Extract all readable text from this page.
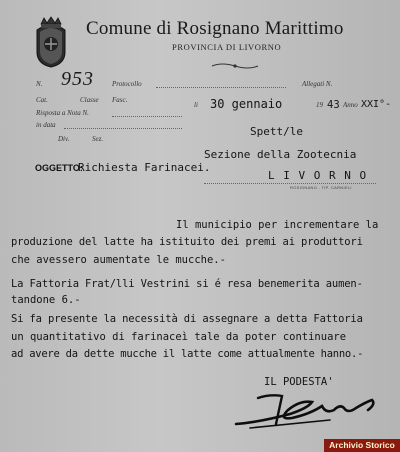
Comune di Rosignano Marittimo
PROVINCIA DI LIVORNO
N. 953	Protocollo	Allegati N.
Cat.	Classe Fasc.
Risposta a Nota N.
li 30 gennaio	19 43 Anno XXI°-
in data
Div.	Sez.
Spett/le
Sezione della Zootecnia
L I V O R N O
ROSIGNANO - TIP. CARNIELI
OGGETTO:
Richiesta Farinacei.
Il municipio per incrementare la
produzione del latte ha istituito dei premi ai produttori
che avessero aumentate le mucche.-
La Fattoria Frat/lli Vestrini si é resa benemerita aumen-
tandone 6.-
Si fa presente la necessità di assegnare a detta Fattoria
un quantitativo di farinaceì tale da poter continuare
ad avere da dette mucche il latte come attualmente hanno.-
IL PODESTA'
Archivio Storico
